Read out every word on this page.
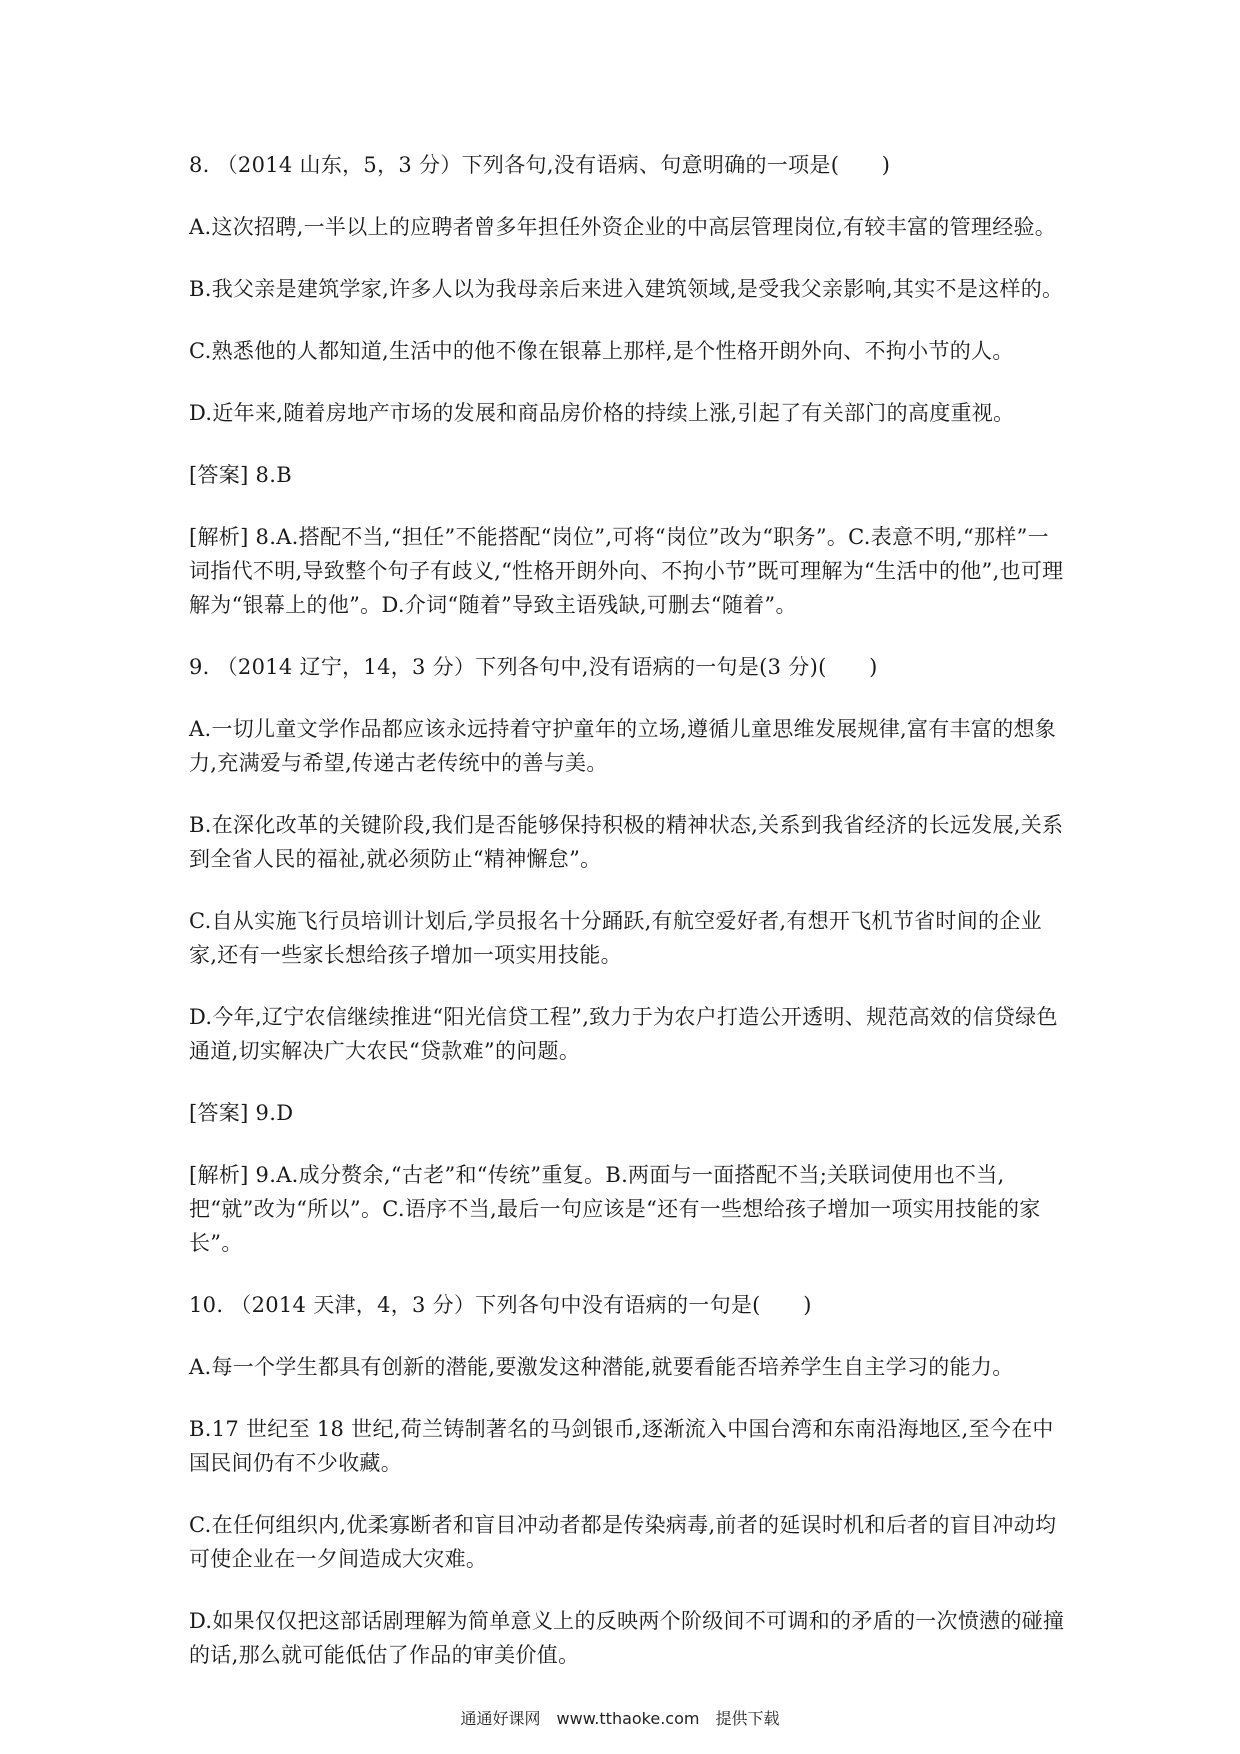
8. （2014 山东，5，3 分）下列各句,没有语病、句意明确的一项是(　　)

A.这次招聘,一半以上的应聘者曾多年担任外资企业的中高层管理岗位,有较丰富的管理经验。

B.我父亲是建筑学家,许多人以为我母亲后来进入建筑领域,是受我父亲影响,其实不是这样的。

C.熟悉他的人都知道,生活中的他不像在银幕上那样,是个性格开朗外向、不拘小节的人。

D.近年来,随着房地产市场的发展和商品房价格的持续上涨,引起了有关部门的高度重视。

[答案] 8.B

[解析] 8.A.搭配不当,“担任”不能搭配“岗位”,可将“岗位”改为“职务”。C.表意不明,“那样”一词指代不明,导致整个句子有歧义,“性格开朗外向、不拘小节”既可理解为“生活中的他”,也可理解为“银幕上的他”。D.介词“随着”导致主语残缺,可删去“随着”。

9. （2014 辽宁，14，3 分）下列各句中,没有语病的一句是(3 分)(　　)

A.一切儿童文学作品都应该永远持着守护童年的立场,遵循儿童思维发展规律,富有丰富的想象力,充满爱与希望,传递古老传统中的善与美。

B.在深化改革的关键阶段,我们是否能够保持积极的精神状态,关系到我省经济的长远发展,关系到全省人民的福祉,就必须防止“精神懈怠”。

C.自从实施飞行员培训计划后,学员报名十分踊跃,有航空爱好者,有想开飞机节省时间的企业家,还有一些家长想给孩子增加一项实用技能。

D.今年,辽宁农信继续推进“阳光信贷工程”,致力于为农户打造公开透明、规范高效的信贷绿色通道,切实解决广大农民“贷款难”的问题。

[答案] 9.D

[解析] 9.A.成分赘余,“古老”和“传统”重复。B.两面与一面搭配不当;关联词使用也不当,把“就”改为“所以”。C.语序不当,最后一句应该是“还有一些想给孩子增加一项实用技能的家长”。

10. （2014 天津，4，3 分）下列各句中没有语病的一句是(　　)

A.每一个学生都具有创新的潜能,要激发这种潜能,就要看能否培养学生自主学习的能力。

B.17 世纪至 18 世纪,荷兰铸制著名的马剑银币,逐渐流入中国台湾和东南沿海地区,至今在中国民间仍有不少收藏。

C.在任何组织内,优柔寡断者和盲目冲动者都是传染病毒,前者的延误时机和后者的盲目冲动均可使企业在一夕间造成大灾难。

D.如果仅仅把这部话剧理解为简单意义上的反映两个阶级间不可调和的矛盾的一次愤懑的碰撞的话,那么就可能低估了作品的审美价值。

通通好课网　www.tthaoke.com　提供下载
